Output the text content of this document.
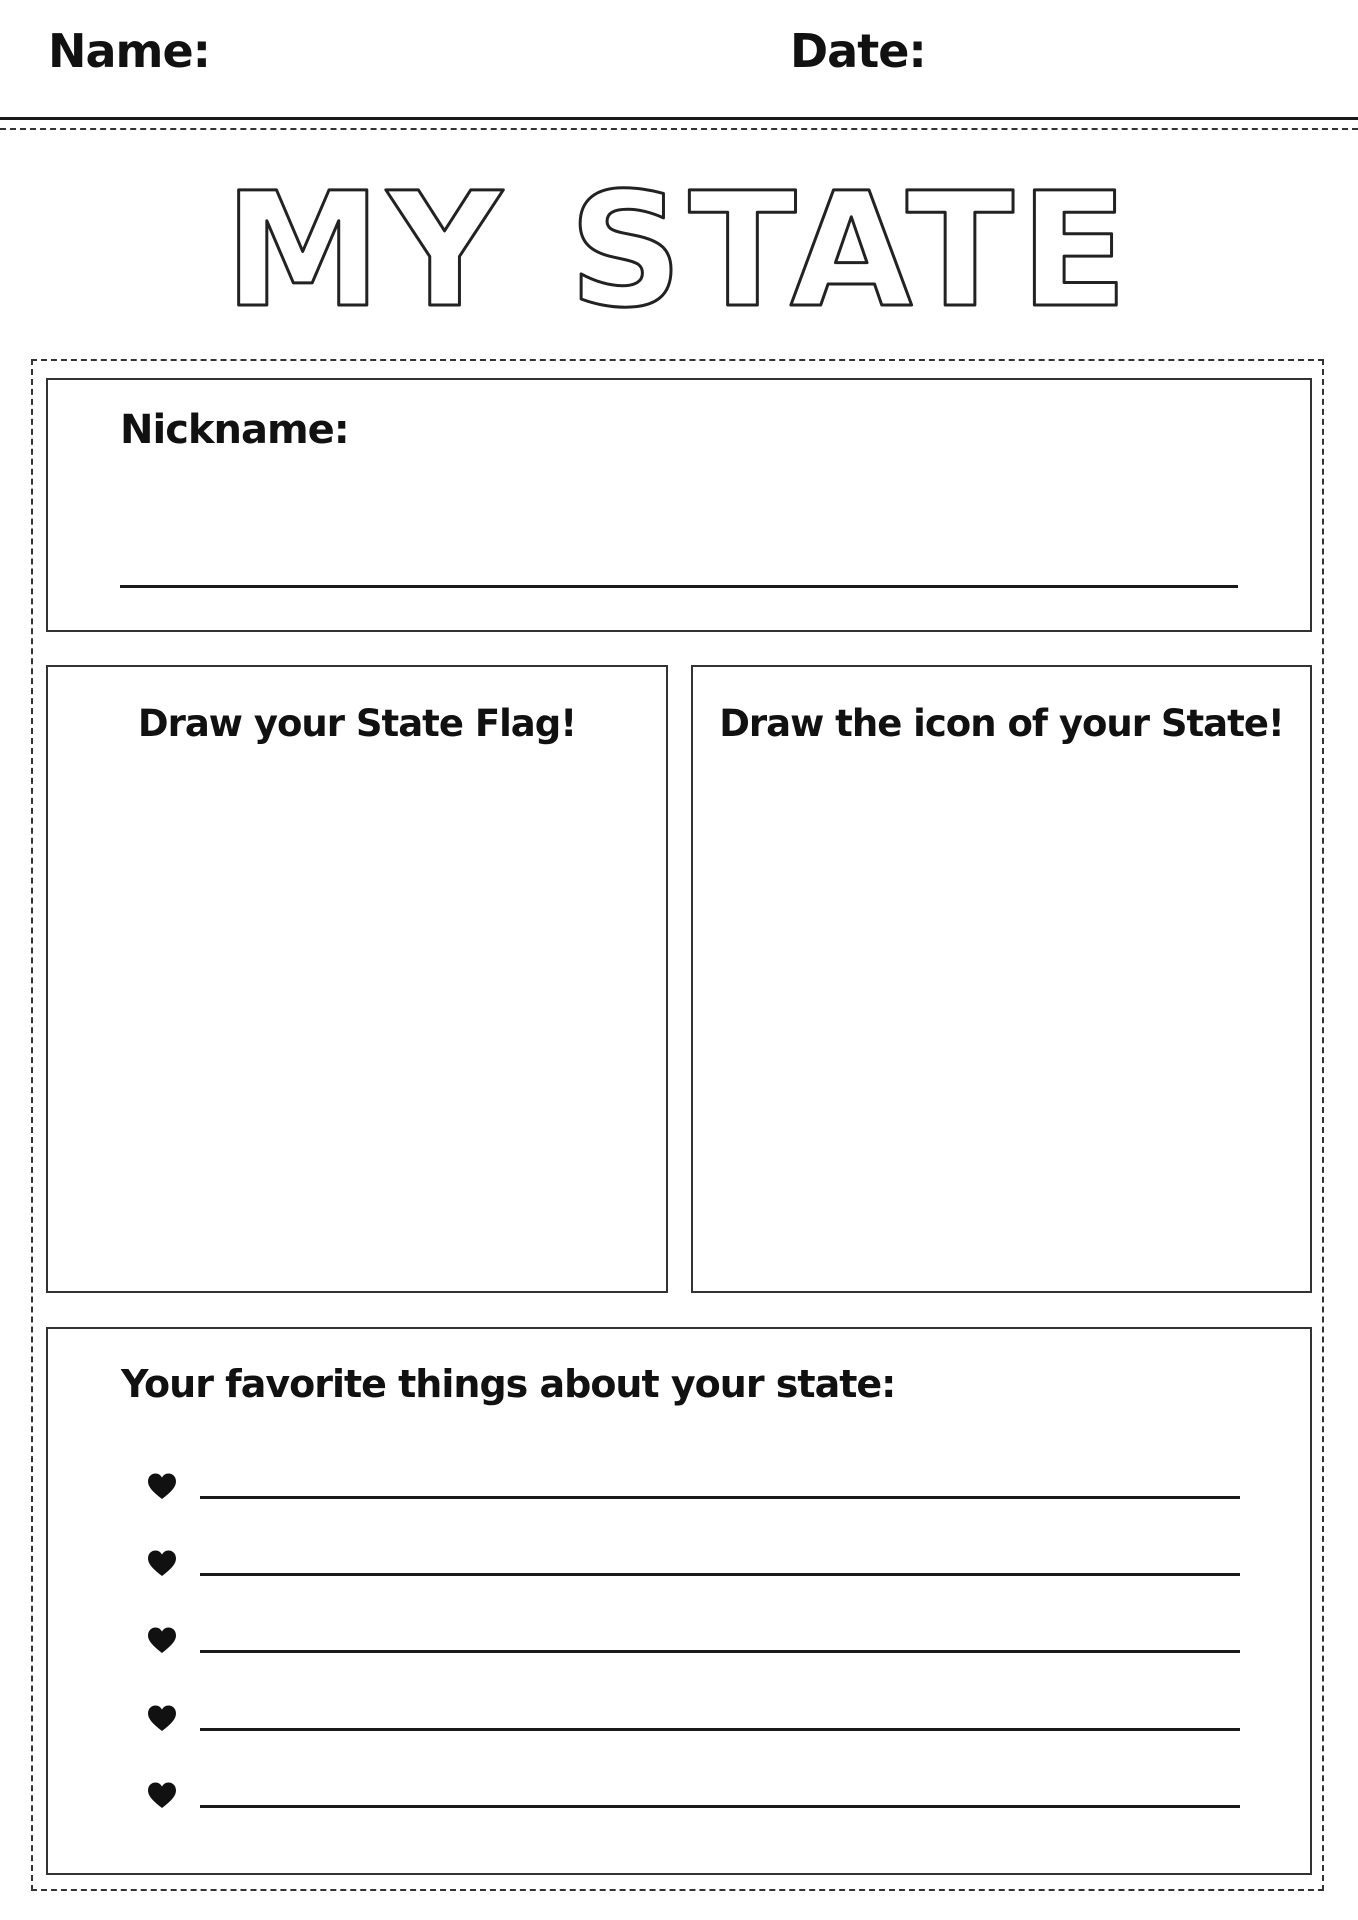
Name:	Date:
MY STATE
Nickname:
Draw your State Flag!	Draw the icon of your State!
Your favorite things about your state:
